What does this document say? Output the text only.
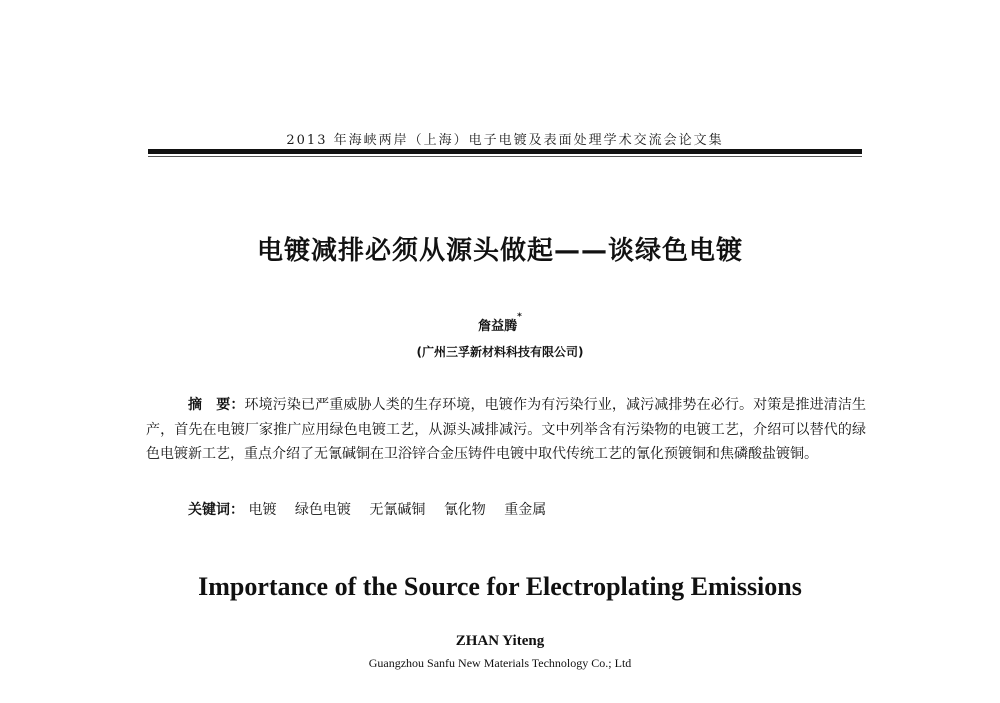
2013 年海峡两岸（上海）电子电镀及表面处理学术交流会论文集
电镀减排必须从源头做起——谈绿色电镀
詹益腾*
(广州三孚新材料科技有限公司)

摘　要：环境污染已严重威胁人类的生存环境，电镀作为有污染行业，减污减排势在必行。对策是推进清洁生产，首先在电镀厂家推广应用绿色电镀工艺，从源头减排减污。文中列举含有污染物的电镀工艺，介绍可以替代的绿色电镀新工艺，重点介绍了无氰碱铜在卫浴锌合金压铸件电镀中取代传统工艺的氰化预镀铜和焦磷酸盐镀铜。

关键词： 电镀 绿色电镀 无氰碱铜 氰化物 重金属
Importance of the Source for Electroplating Emissions
ZHAN Yiteng
Guangzhou Sanfu New Materials Technology Co.; Ltd
